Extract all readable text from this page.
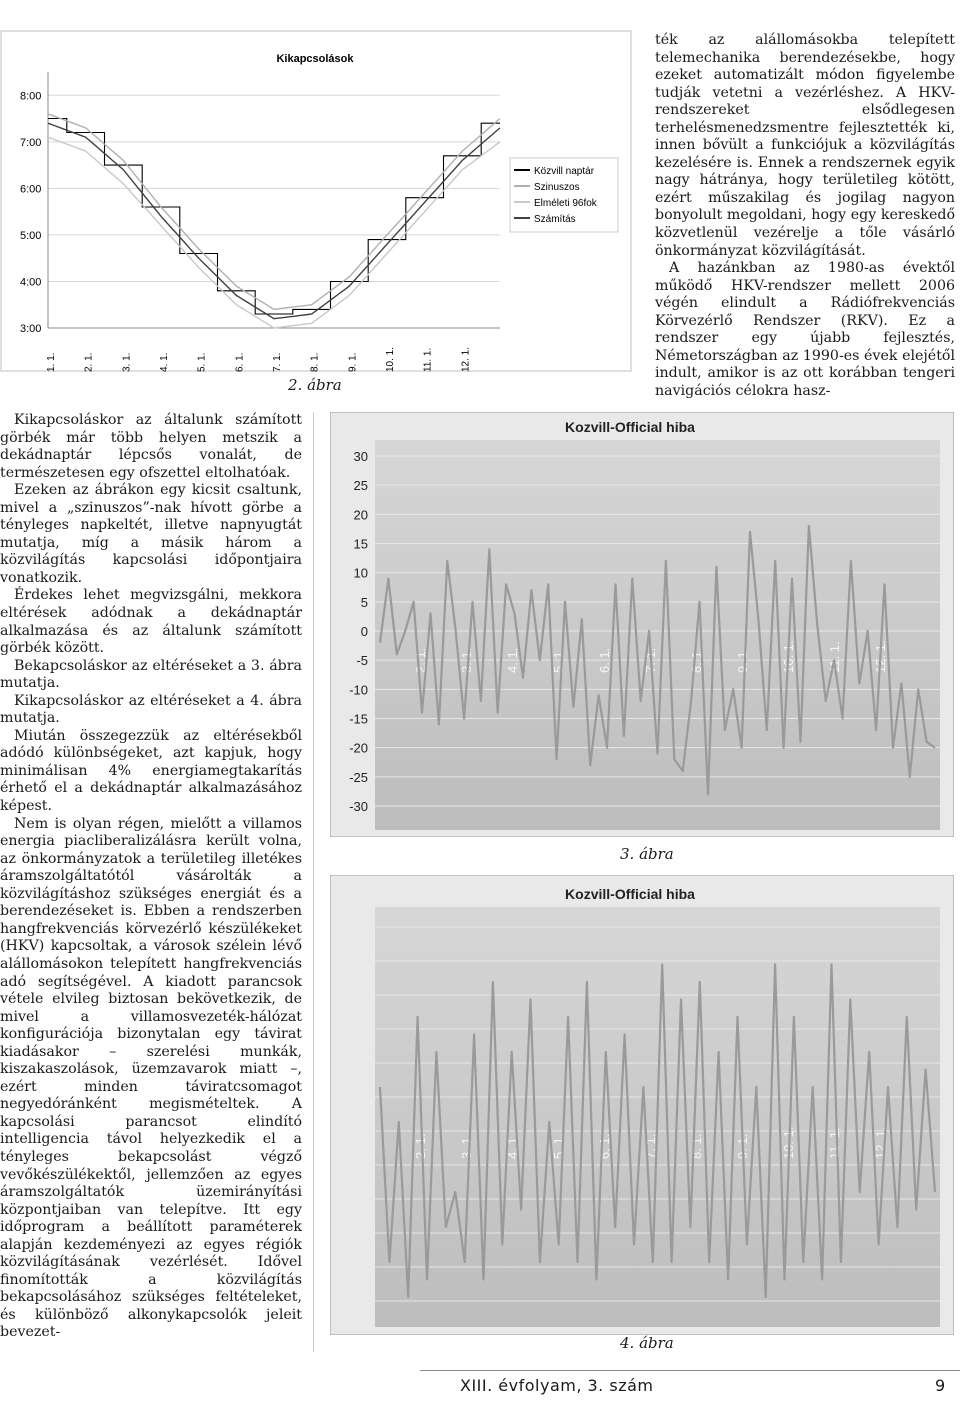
Kikapcsolások
3:00
4:00
5:00
6:00
7:00
8:00
1. 1.	2. 1.	3. 1.	4. 1.	5. 1.	6. 1.	7. 1.	8. 1.	9. 1.	10. 1.	11. 1.	12. 1.
Közvill naptár
Szinuszos
Elméleti 96fok
Számítás
2. ábra

ték az alállomásokba telepített telemechanika berendezésekbe, hogy ezeket automatizált módon figyelembe tudják vetetni a vezérléshez. A HKV-rendszereket elsődlegesen terhelésmenedzsmentre fejlesztették ki, innen bővült a funkciójuk a közvilágítás kezelésére is. Ennek a rendszernek egyik nagy hátránya, hogy területileg kötött, ezért műszakilag és jogilag nagyon bonyolult megoldani, hogy egy kereskedő közvetlenül vezérelje a tőle vásárló önkormányzat közvilágítását.

A hazánkban az 1980-as évektől működő HKV-rendszer mellett 2006 végén elindult a Rádiófrekvenciás Körvezérlő Rendszer (RKV). Ez a rendszer egy újabb fejlesztés, Németországban az 1990-es évek elejétől indult, amikor is az ott korábban tengeri navigációs célokra hasz-

Kikapcsoláskor az általunk számított görbék már több helyen metszik a dekádnaptár lépcsős vonalát, de természetesen egy ofszettel eltolhatóak.

Ezeken az ábrákon egy kicsit csaltunk, mivel a „szinuszos”-nak hívott görbe a tényleges napkeltét, illetve napnyugtát mutatja, míg a másik három a közvilágítás kapcsolási időpontjaira vonatkozik.

Érdekes lehet megvizsgálni, mekkora eltérések adódnak a dekádnaptár alkalmazása és az általunk számított görbék között.

Bekapcsoláskor az eltéréseket a 3. ábra mutatja.

Kikapcsoláskor az eltéréseket a 4. ábra mutatja.

Miután összegezzük az eltérésekből adódó különbségeket, azt kapjuk, hogy minimálisan 4% energiamegtakarítás érhető el a dekádnaptár alkalmazásához képest.

Nem is olyan régen, mielőtt a villamos energia piacliberalizálásra került volna, az önkormányzatok a területileg illetékes áramszolgáltatótól vásárolták a közvilágításhoz szükséges energiát és a berendezéseket is. Ebben a rendszerben hangfrekvenciás körvezérlő készülékeket (HKV) kapcsoltak, a városok szélein lévő alállomásokon telepített hangfrekvenciás adó segítségével. A kiadott parancsok vétele elvileg biztosan bekövetkezik, de mivel a villamosvezeték-hálózat konfigurációja bizonytalan egy távirat kiadásakor – szerelési munkák, kiszakaszolások, üzemzavarok miatt –, ezért minden táviratcsomagot negyedóránként megismételtek. A kapcsolási parancsot elindító intelligencia távol helyezkedik el a tényleges bekapcsolást végző vevőkészülékektől, jellemzően az egyes áramszolgáltatók üzemirányítási központjaiban van telepítve. Itt egy időprogram a beállított paraméterek alapján kezdeményezi az egyes régiók közvilágításának vezérlését. Idővel finomították a közvilágítás bekapcsolásához szükséges feltételeket, és különböző alkonykapcsolók jeleit bevezet-

Kozvill-Official hiba
30
25
20
15
10
5
0
-5
-10
-15
-20
-25
-30
2. 1. 3. 1. 4. 1. 5. 1. 6. 1. 7. 1. 8. 1. 9. 1. 10. 1. 11. 1. 12. 1.
3. ábra
Kozvill-Official hiba
2. 1. 3. 1. 4. 1. 5. 1. 6. 1. 7. 1. 8. 1. 9. 1. 10. 1. 11. 1. 12. 1.
4. ábra
XIII. évfolyam, 3. szám	9
